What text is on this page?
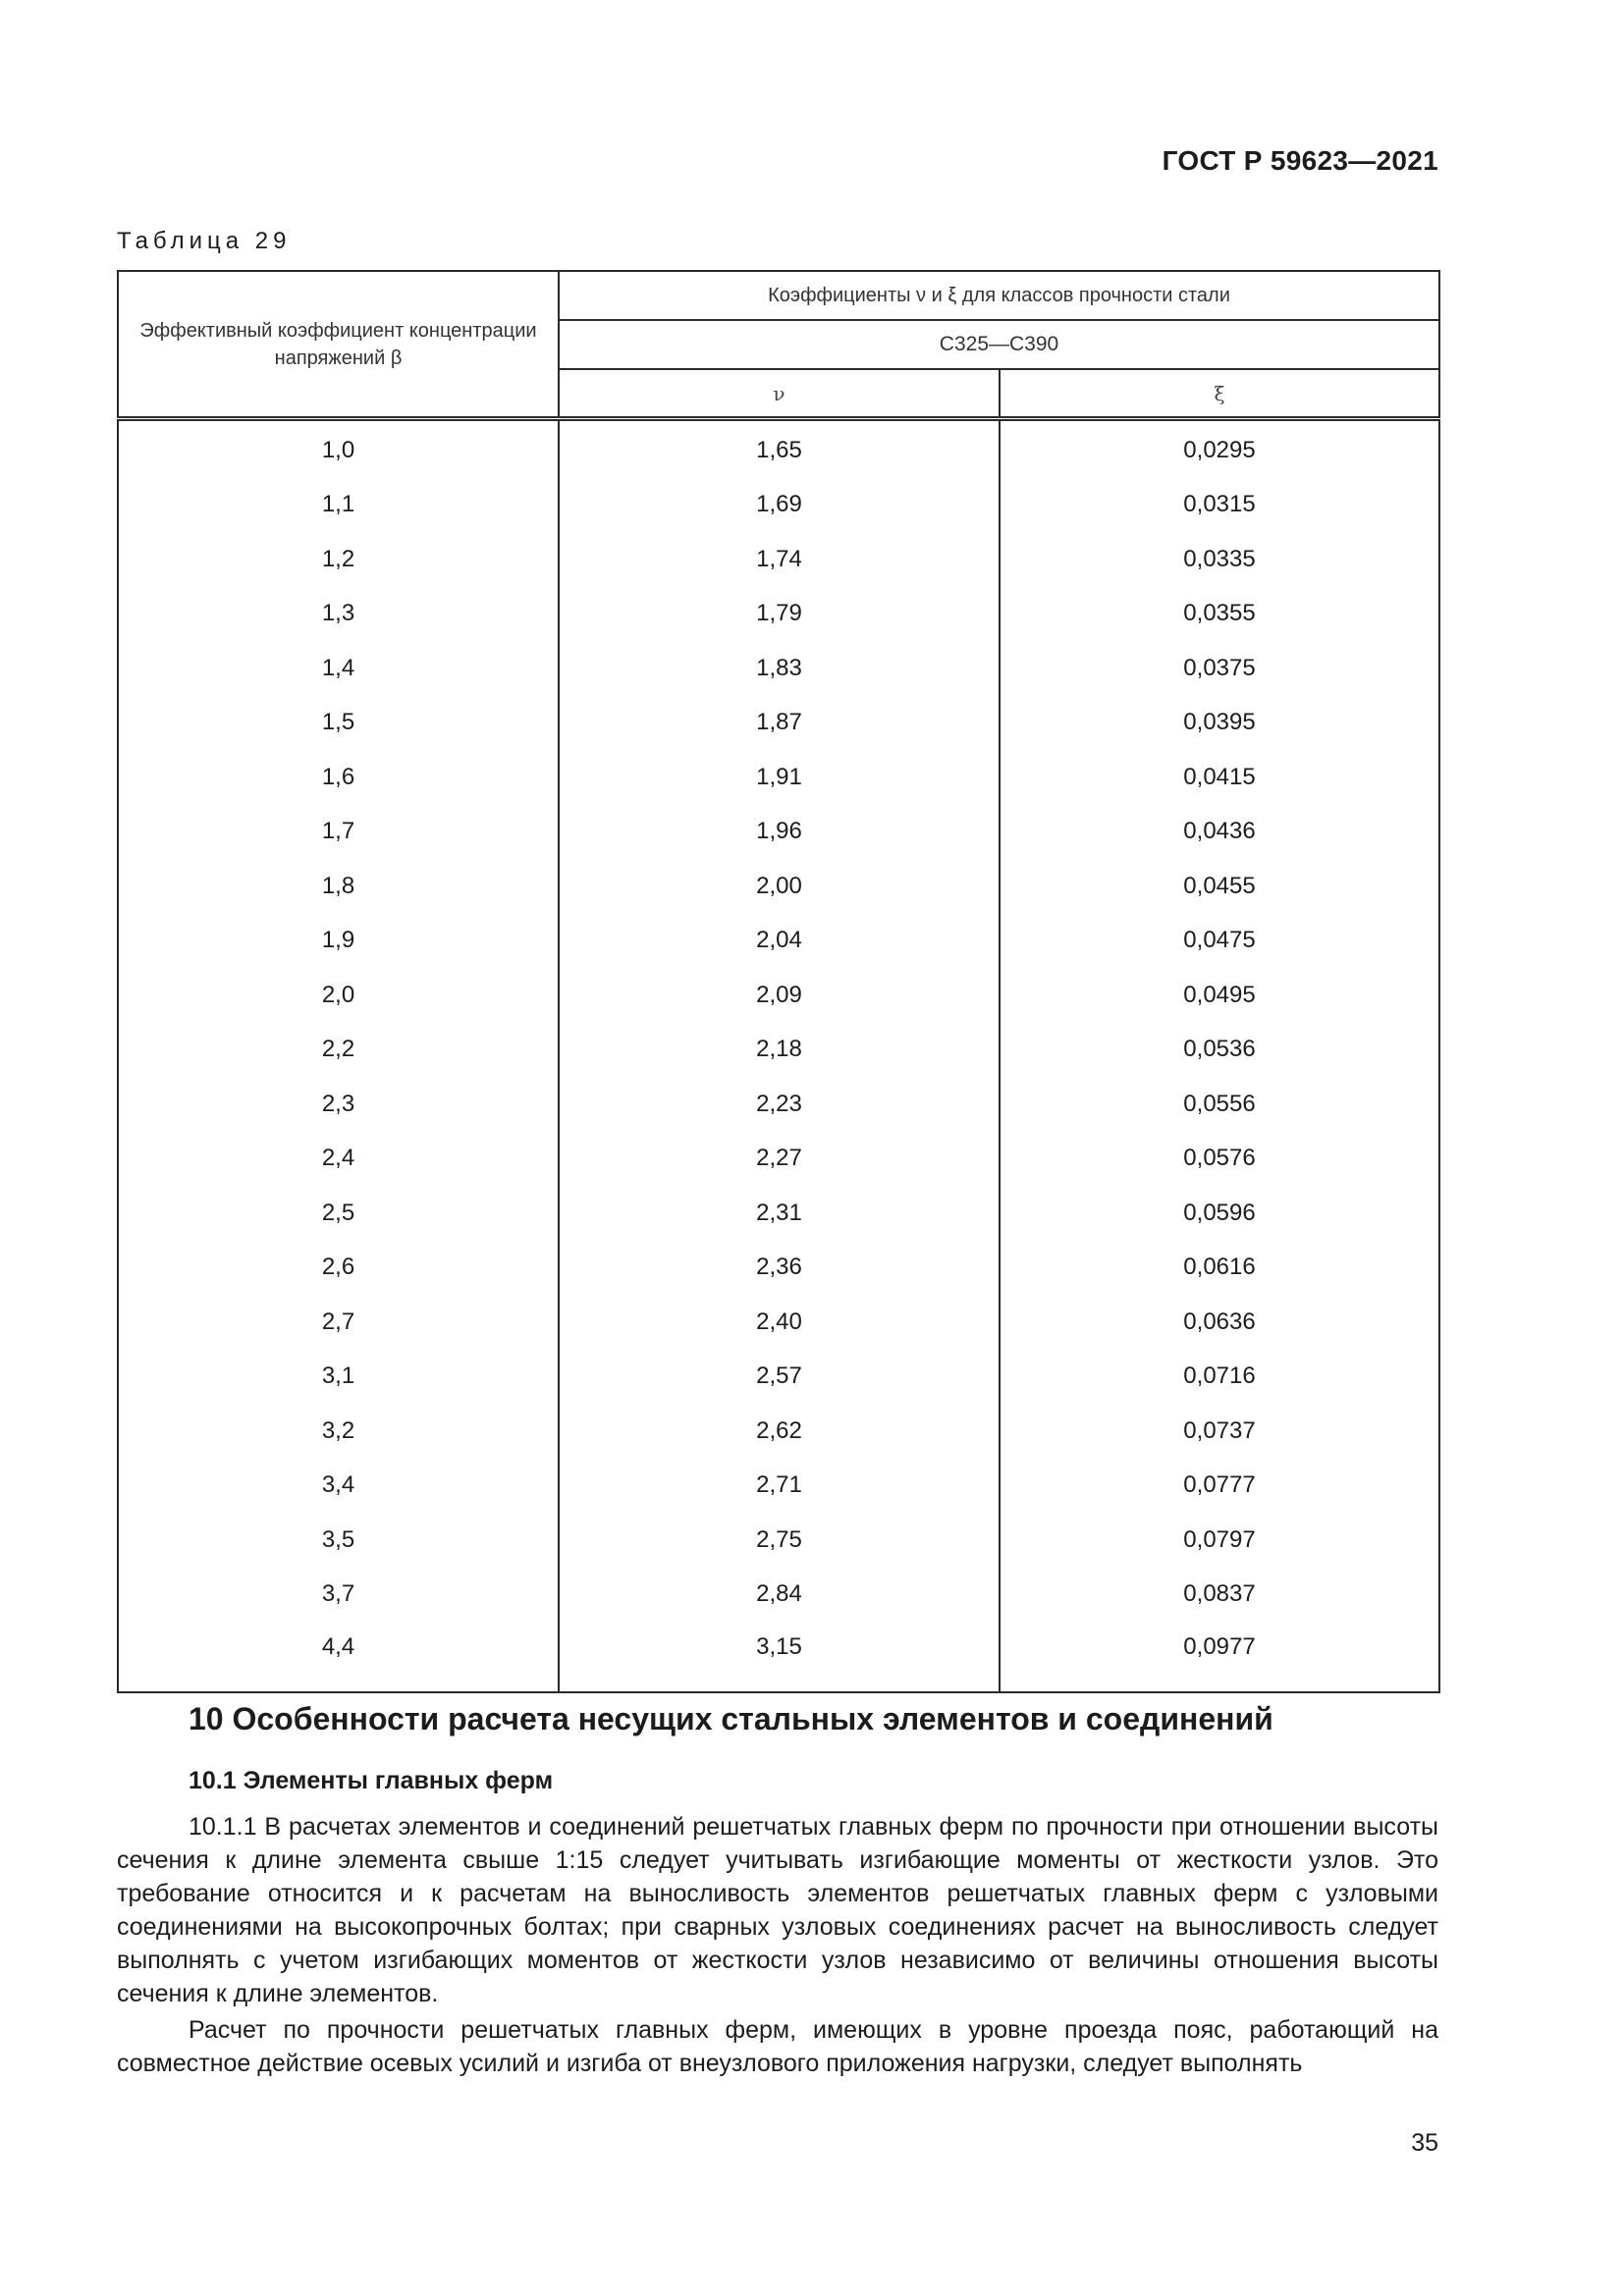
ГОСТ Р 59623—2021
Таблица 29
Эффективный коэффициент концентрации напряжений β	Коэффициенты ν и ξ для классов прочности стали	
	С325—С390	
	ν	ξ
1,0	1,65	0,0295
1,1	1,69	0,0315
1,2	1,74	0,0335
1,3	1,79	0,0355
1,4	1,83	0,0375
1,5	1,87	0,0395
1,6	1,91	0,0415
1,7	1,96	0,0436
1,8	2,00	0,0455
1,9	2,04	0,0475
2,0	2,09	0,0495
2,2	2,18	0,0536
2,3	2,23	0,0556
2,4	2,27	0,0576
2,5	2,31	0,0596
2,6	2,36	0,0616
2,7	2,40	0,0636
3,1	2,57	0,0716
3,2	2,62	0,0737
3,4	2,71	0,0777
3,5	2,75	0,0797
3,7	2,84	0,0837
4,4	3,15	0,0977
10 Особенности расчета несущих стальных элементов и соединений
10.1 Элементы главных ферм

10.1.1 В расчетах элементов и соединений решетчатых главных ферм по прочности при отношении высоты сечения к длине элемента свыше 1:15 следует учитывать изгибающие моменты от жесткости узлов. Это требование относится и к расчетам на выносливость элементов решетчатых главных ферм с узловыми соединениями на высокопрочных болтах; при сварных узловых соединениях расчет на выносливость следует выполнять с учетом изгибающих моментов от жесткости узлов независимо от величины отношения высоты сечения к длине элементов.

Расчет по прочности решетчатых главных ферм, имеющих в уровне проезда пояс, работающий на совместное действие осевых усилий и изгиба от внеузлового приложения нагрузки, следует выполнять

35
